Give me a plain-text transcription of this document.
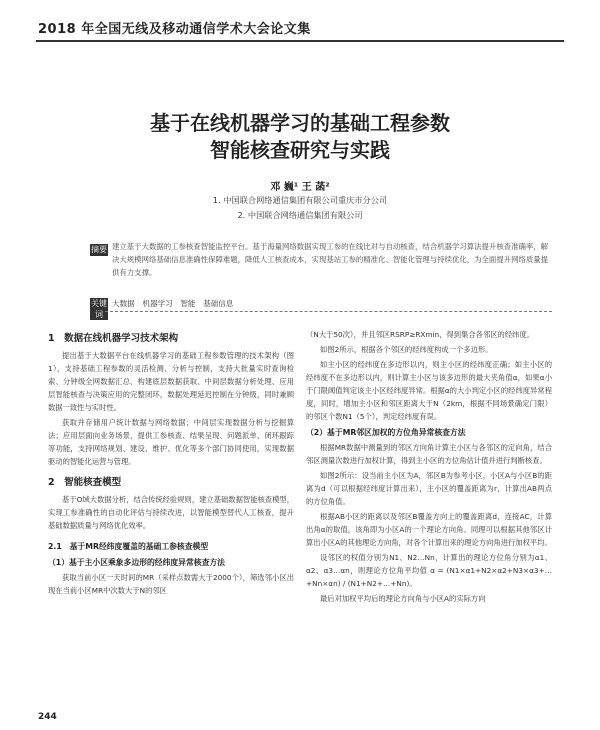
2018 年全国无线及移动通信学术大会论文集
基于在线机器学习的基础工程参数
智能核查研究与实践
邓 巍¹ 王 菡²
1. 中国联合网络通信集团有限公司重庆市分公司
2. 中国联合网络通信集团有限公司
摘要 建立基于大数据的工参核查智能监控平台。基于海量网络数据实现工参的在线比对与自动核查，结合机器学习算法提升核查准确率，解决大规模网络基础信息准确性保障难题，降低人工核查成本，实现基站工参的精准化、智能化管理与持续优化，为全面提升网络质量提供有力支撑。
关键词
大数据　机器学习　智能　基础信息
1　数据在线机器学习技术架构

提出基于大数据平台在线机器学习的基础工程参数管理的技术架构（图1），支持基础工程参数的灵活检测、分析与控制，支持大批量实时查询检索、分钟级全网数据汇总，构建底层数据获取、中间层数据分析处理、应用层智能核查与决策应用的完整闭环，数据处理延迟控制在分钟级，同时兼顾数据一致性与实时性。

获取并存储用户统计数据与网络数据；中间层实现数据分析与挖掘算法；应用层面向业务场景，提供工参核查、结果呈现、问题派单、闭环跟踪等功能，支持网络规划、建设、维护、优化等多个部门协同使用，实现数据驱动的智能化运营与管理。

2　智能核查模型

基于O域大数据分析，结合传统经验规则，建立基础数据智能核查模型，实现工参准确性的自动化评估与持续改进，以智能模型替代人工核查，提升基础数据质量与网络优化效率。

2.1　基于MR经纬度覆盖的基础工参核查模型
（1）基于主小区乘象多边形的经纬度异常核查方法

获取当前小区一天时间的MR（采样点数需大于2000个），筛选邻小区出现在当前小区MR中次数大于N的邻区

（N大于50次），并且邻区RSRP≥RXmin，得到集合各邻区的经纬度。

如图2所示，根据各个邻区的经纬度构成一个多边形。

如主小区的经纬度在多边形以内，则主小区的经纬度正确；如主小区的经纬度不在多边形以内，则计算主小区与该多边形的最大夹角值α，如果α小于门限阈值判定该主小区经纬度异常。根据α的大小判定小区的经纬度异常程度，同时，增加主小区和邻区距离大于N（2km，根据不同场景确定门限）的邻区个数N1（5个），判定经纬度有误。

（2）基于MR邻区加权的方位角异常核查方法

根据MR数据中测量到的邻区方向角计算主小区与各邻区的定向角，结合邻区测量次数进行加权计算，得到主小区的方位角估计值并进行判断核查。

如图2所示：设当前主小区为A，邻区B为参考小区，小区A与小区B的距离为d（可以根据经纬度计算出来），主小区的覆盖距离为r，计算出AB两点的方位角值。

根据AB小区的距离以及邻区B覆盖方向上的覆盖距离d，连接AC，计算出角α的取值，该角即为小区A的一个理论方向角。同理可以根据其他邻区计算出小区A的其他理论方向角，对各个计算出来的理论方向角进行加权平均。

设邻区的权值分别为N1、N2…Nn，计算出的理论方位角分别为α1、α2、α3…αn，则理论方位角平均值 α = (N1×α1+N2×α2+N3×α3+…+Nn×αn) / (N1+N2+…+Nn)。

最后对加权平均后的理论方向角与小区A的实际方向

244
